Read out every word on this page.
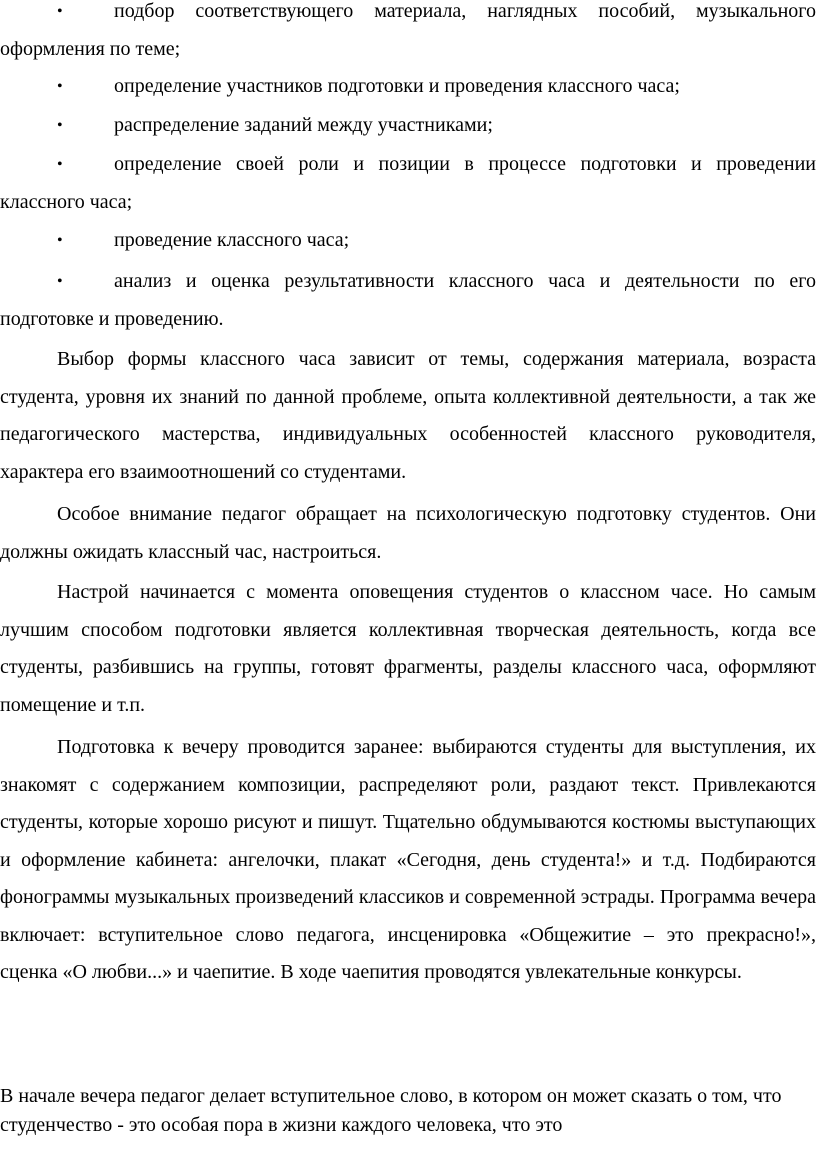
•	подбор соответствующего материала, наглядных пособий, музыкального оформления по теме;

•	определение участников подготовки и проведения классного часа;

•	распределение заданий между участниками;

•	определение своей роли и позиции в процессе подготовки и проведении классного часа;

•	проведение классного часа;

•	анализ и оценка результативности классного часа и деятельности по его подготовке и проведению.

Выбор формы классного часа зависит от темы, содержания материала, возраста студента, уровня их знаний по данной проблеме, опыта коллективной деятельности, а так же педагогического мастерства, индивидуальных особенностей классного руководителя, характера его взаимоотношений со студентами.

Особое внимание педагог обращает на психологическую подготовку студентов. Они должны ожидать классный час, настроиться.

Настрой начинается с момента оповещения студентов о классном часе. Но самым лучшим способом подготовки является коллективная творческая деятельность, когда все студенты, разбившись на группы, готовят фрагменты, разделы классного часа, оформляют помещение и т.п.

Подготовка к вечеру проводится заранее: выбираются студенты для выступления, их знакомят с содержанием композиции, распределяют роли, раздают текст. Привлекаются студенты, которые хорошо рисуют и пишут. Тщательно обдумываются костюмы выступающих и оформление кабинета: ангелочки, плакат «Сегодня, день студента!» и т.д. Подбираются фонограммы музыкальных произведений классиков и современной эстрады. Программа вечера включает: вступительное слово педагога, инсценировка «Общежитие – это прекрасно!», сценка «О любви...» и чаепитие. В ходе чаепития проводятся увлекательные конкурсы.

В начале вечера педагог делает вступительное слово, в котором он может сказать о том, что студенчество - это особая пора в жизни каждого человека, что это
